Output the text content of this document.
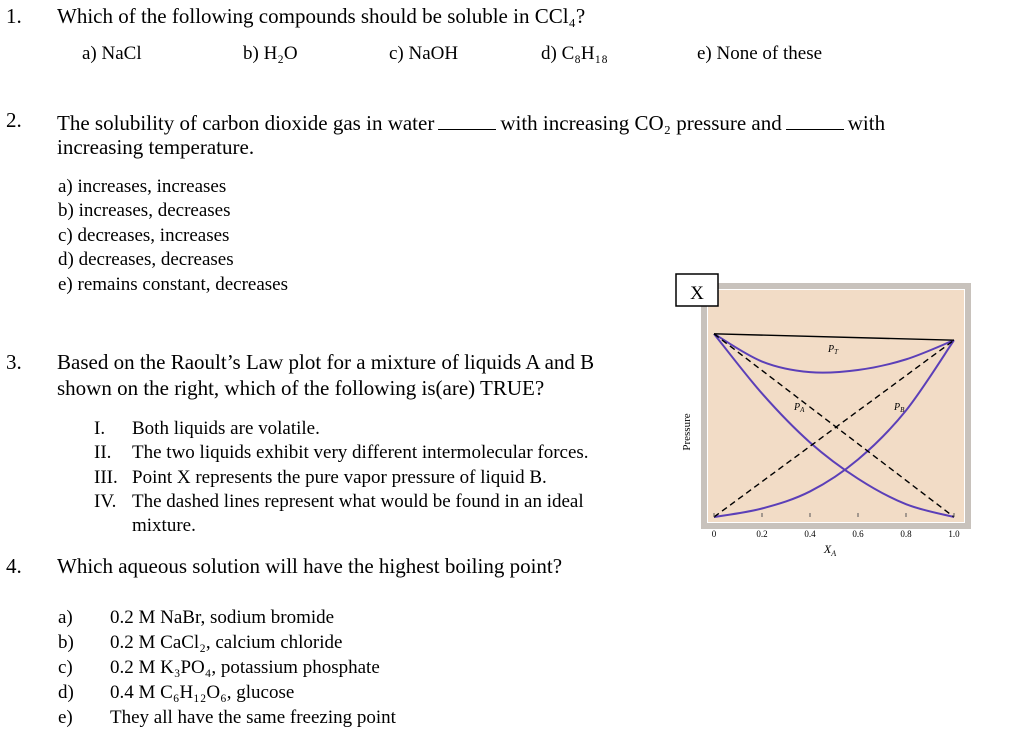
1. Which of the following compounds should be soluble in CCl₄?
a) NaCl	b) H₂O	c) NaOH	d) C₈H₁₈	e) None of these
2. The solubility of carbon dioxide gas in water	with increasing CO₂ pressure and	with
increasing temperature.
a) increases, increases
b) increases, decreases
c) decreases, increases
d) decreases, decreases
e) remains constant, decreases
3. Based on the Raoult’s Law plot for a mixture of liquids A and B
shown on the right, which of the following is(are) TRUE?
I. Both liquids are volatile.
II. The two liquids exhibit very different intermolecular forces.
III. Point X represents the pure vapor pressure of liquid B.
IV. The dashed lines represent what would be found in an ideal
mixture.
4. Which aqueous solution will have the highest boiling point?
a) 0.2 M NaBr, sodium bromide
b) 0.2 M CaCl₂, calcium chloride
c) 0.2 M K₃PO₄, potassium phosphate
d) 0.4 M C₆H₁₂O₆, glucose
e) They all have the same freezing point
0	0.2	0.4	0.6	0.8	1.0
Pressure
$X_A$
X
$P_T$
$P_A$	$P_B$
